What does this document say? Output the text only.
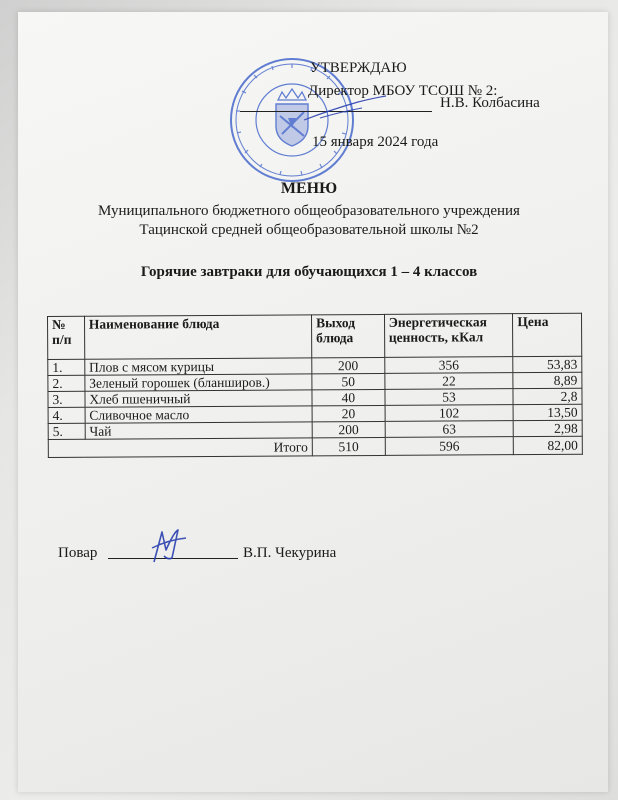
УТВЕРЖДАЮ
Директор МБОУ ТСОШ № 2:
Н.В. Колбасина
15 января 2024 года
МЕНЮ
Муниципального бюджетного общеобразовательного учреждения
Тацинской средней общеобразовательной школы №2
Горячие завтраки для обучающихся 1 – 4 классов
№ п/п	Наименование блюда	Выход блюда	Энергетическая ценность, кКал	Цена
1.	Плов с мясом курицы	200	356	53,83
2.	Зеленый горошек (бланширов.)	50	22	8,89
3.	Хлеб пшеничный	40	53	2,8
4.	Сливочное масло	20	102	13,50
5.	Чай	200	63	2,98
Итого		510	596	82,00
Повар	В.П. Чекурина
